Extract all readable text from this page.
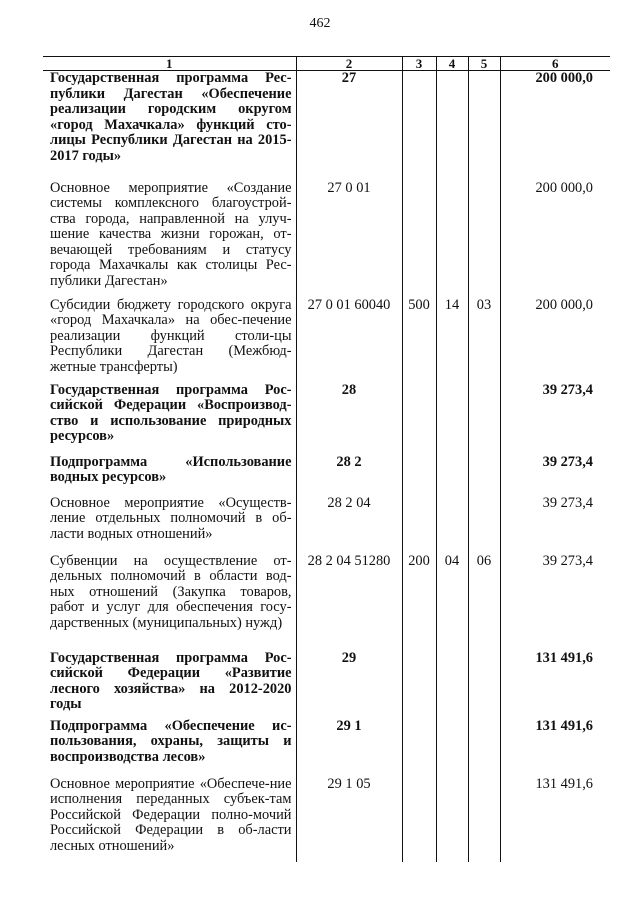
462
1	2	3	4	5	6
Государственная программа Рес-публики Дагестан «Обеспечение реализации городским округом «город Махачкала» функций сто-лицы Республики Дагестан на 2015-2017 годы»	27				200 000,0
Основное мероприятие «Создание системы комплексного благоустрой-ства города, направленной на улуч-шение качества жизни горожан, от-вечающей требованиям и статусу города Махачкалы как столицы Рес-публики Дагестан»	27 0 01				200 000,0
Субсидии бюджету городского округа «город Махачкала» на обес-печение реализации функций столи-цы Республики Дагестан (Межбюд-жетные трансферты)	27 0 01 60040	500	14	03	200 000,0
Государственная программа Рос-сийской Федерации «Воспроизвод-ство и использование природных ресурсов»	28				39 273,4
Подпрограмма «Использование водных ресурсов»	28 2				39 273,4
Основное мероприятие «Осуществ-ление отдельных полномочий в об-ласти водных отношений»	28 2 04				39 273,4
Субвенции на осуществление от-дельных полномочий в области вод-ных отношений (Закупка товаров, работ и услуг для обеспечения госу-дарственных (муниципальных) нужд)	28 2 04 51280	200	04	06	39 273,4
Государственная программа Рос-сийской Федерации «Развитие лесного хозяйства» на 2012-2020 годы	29				131 491,6
Подпрограмма «Обеспечение ис-пользования, охраны, защиты и воспроизводства лесов»	29 1				131 491,6
Основное мероприятие «Обеспече-ние исполнения переданных субъек-там Российской Федерации полно-мочий Российской Федерации в об-ласти лесных отношений»	29 1 05				131 491,6
